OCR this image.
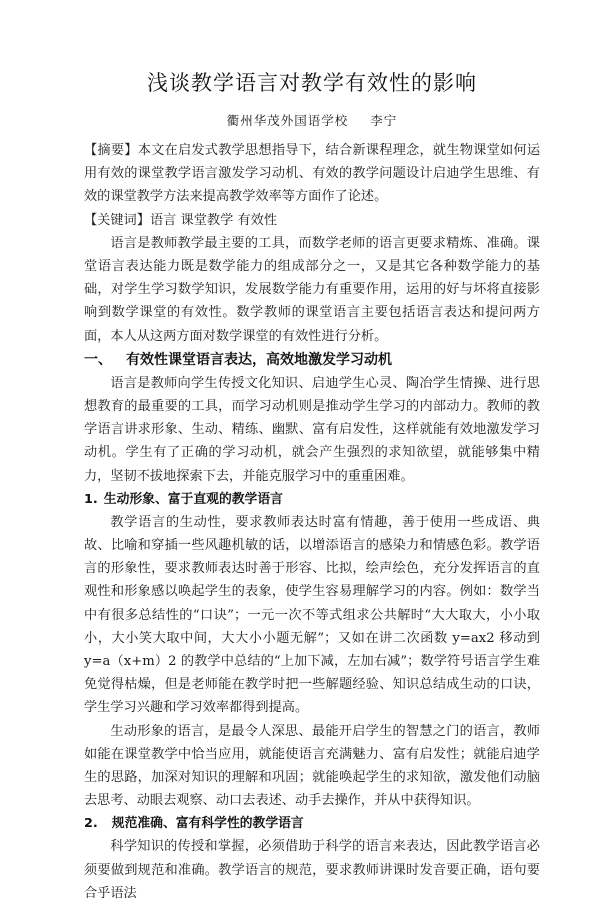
浅谈教学语言对教学有效性的影响
衢州华茂外国语学校 李宁

【摘要】本文在启发式教学思想指导下，结合新课程理念，就生物课堂如何运用有效的课堂教学语言激发学习动机、有效的教学问题设计启迪学生思维、有效的课堂教学方法来提高教学效率等方面作了论述。

【关键词】语言 课堂教学 有效性

语言是教师教学最主要的工具，而数学老师的语言更要求精炼、准确。课堂语言表达能力既是数学能力的组成部分之一，又是其它各种数学能力的基础，对学生学习数学知识，发展数学能力有重要作用，运用的好与坏将直接影响到数学课堂的有效性。数学教师的课堂语言主要包括语言表达和提问两方面，本人从这两方面对数学课堂的有效性进行分析。

一、 有效性课堂语言表达，高效地激发学习动机

语言是教师向学生传授文化知识、启迪学生心灵、陶冶学生情操、进行思想教育的最重要的工具，而学习动机则是推动学生学习的内部动力。教师的教学语言讲求形象、生动、精练、幽默、富有启发性，这样就能有效地激发学习动机。学生有了正确的学习动机，就会产生强烈的求知欲望，就能够集中精力，坚韧不拔地探索下去，并能克服学习中的重重困难。

1. 生动形象、富于直观的教学语言

教学语言的生动性，要求教师表达时富有情趣，善于使用一些成语、典故、比喻和穿插一些风趣机敏的话，以增添语言的感染力和情感色彩。教学语言的形象性，要求教师表达时善于形容、比拟，绘声绘色，充分发挥语言的直观性和形象感以唤起学生的表象，使学生容易理解学习的内容。例如：数学当中有很多总结性的“口诀”；一元一次不等式组求公共解时“大大取大，小小取小，大小笑大取中间，大大小小题无解”；又如在讲二次函数 y=ax2 移动到 y=a（x+m）2 的教学中总结的“上加下减，左加右减”；数学符号语言学生难免觉得枯燥，但是老师能在教学时把一些解题经验、知识总结成生动的口诀，学生学习兴趣和学习效率都得到提高。

生动形象的语言，是最令人深思、最能开启学生的智慧之门的语言，教师如能在课堂教学中恰当应用，就能使语言充满魅力、富有启发性；就能启迪学生的思路，加深对知识的理解和巩固；就能唤起学生的求知欲，激发他们动脑去思考、动眼去观察、动口去表述、动手去操作，并从中获得知识。

2. 规范准确、富有科学性的教学语言

科学知识的传授和掌握，必须借助于科学的语言来表达，因此教学语言必须要做到规范和准确。教学语言的规范，要求教师讲课时发音要正确，语句要合乎语法
